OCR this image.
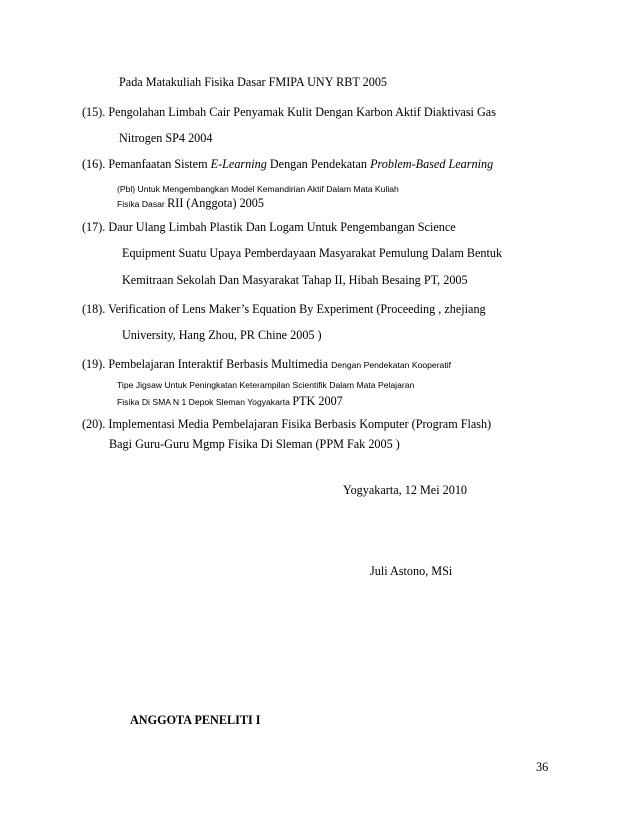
Pada Matakuliah Fisika Dasar FMIPA UNY RBT 2005
(15). Pengolahan Limbah Cair Penyamak Kulit Dengan Karbon Aktif Diaktivasi Gas
Nitrogen SP4 2004
(16). Pemanfaatan Sistem E-Learning Dengan Pendekatan Problem-Based Learning
(Pbl) Untuk Mengembangkan Model Kemandirian Aktif Dalam Mata Kuliah
Fisika Dasar RII (Anggota) 2005
(17). Daur Ulang Limbah Plastik Dan Logam Untuk Pengembangan Science
Equipment Suatu Upaya Pemberdayaan Masyarakat Pemulung Dalam Bentuk
Kemitraan Sekolah Dan Masyarakat Tahap II, Hibah Besaing PT, 2005
(18). Verification of Lens Maker’s Equation By Experiment (Proceeding , zhejiang
University, Hang Zhou, PR Chine 2005 )
(19). Pembelajaran Interaktif Berbasis Multimedia Dengan Pendekatan Kooperatif
Tipe Jigsaw Untuk Peningkatan Keterampilan Scientifik Dalam Mata Pelajaran
Fisika Di SMA N 1 Depok Sleman Yogyakarta PTK 2007
(20). Implementasi Media Pembelajaran Fisika Berbasis Komputer (Program Flash)
Bagi Guru-Guru Mgmp Fisika Di Sleman (PPM Fak 2005 )
Yogyakarta, 12 Mei 2010
Juli Astono, MSi
ANGGOTA PENELITI I
36
